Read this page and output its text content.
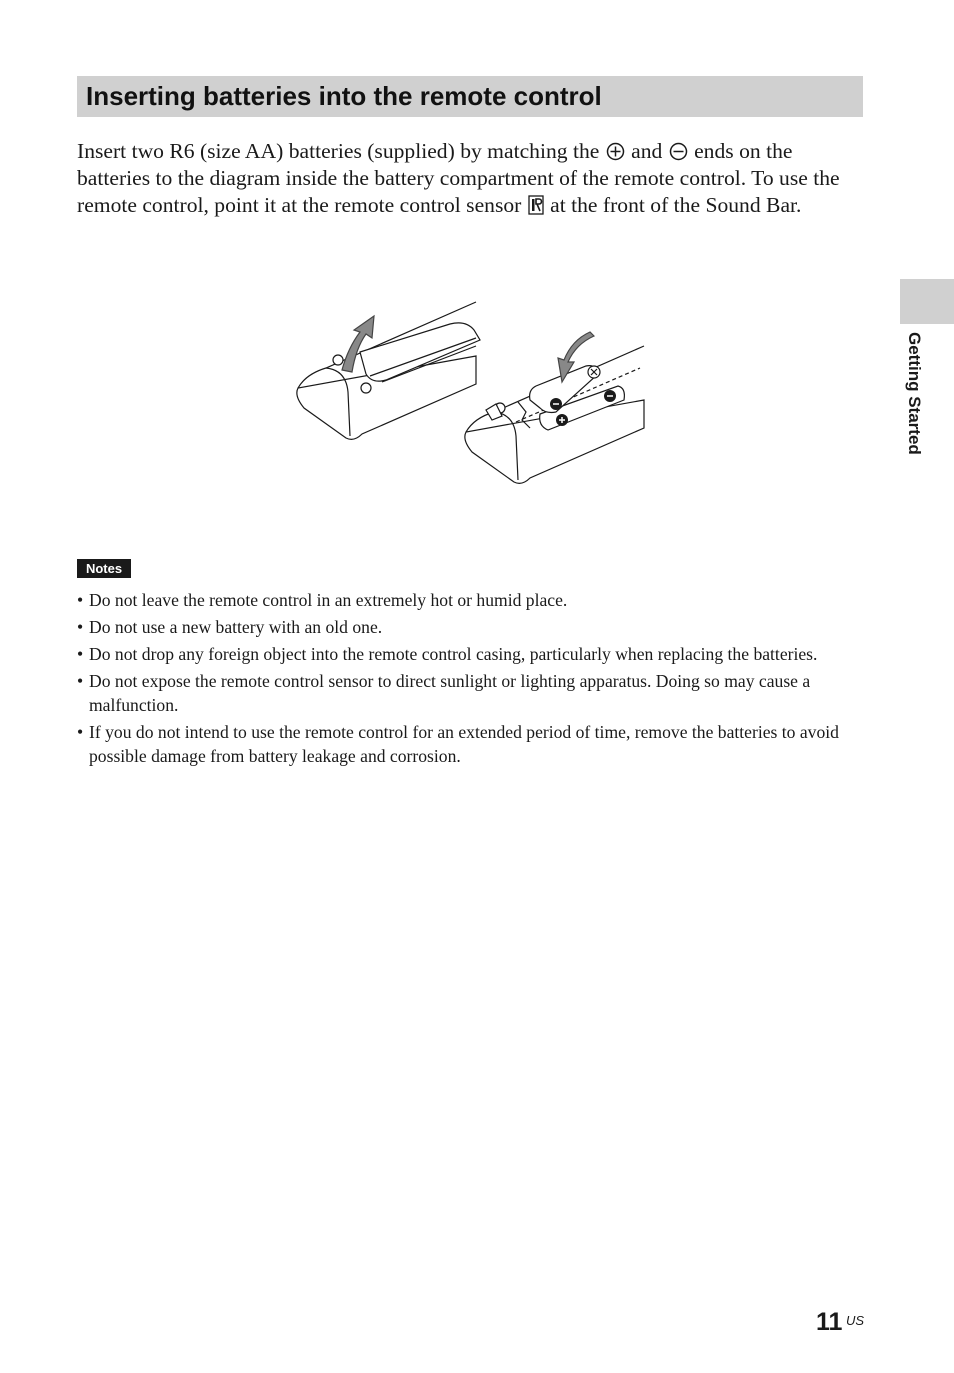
Inserting batteries into the remote control

Insert two R6 (size AA) batteries (supplied) by matching the  and  ends on the batteries to the diagram inside the battery compartment of the remote control. To use the remote control, point it at the remote control sensor  at the front of the Sound Bar.

Notes
• Do not leave the remote control in an extremely hot or humid place.
• Do not use a new battery with an old one.
• Do not drop any foreign object into the remote control casing, particularly when replacing the batteries.
• Do not expose the remote control sensor to direct sunlight or lighting apparatus. Doing so may cause a malfunction.
• If you do not intend to use the remote control for an extended period of time, remove the batteries to avoid possible damage from battery leakage and corrosion.
Getting Started
11 US
